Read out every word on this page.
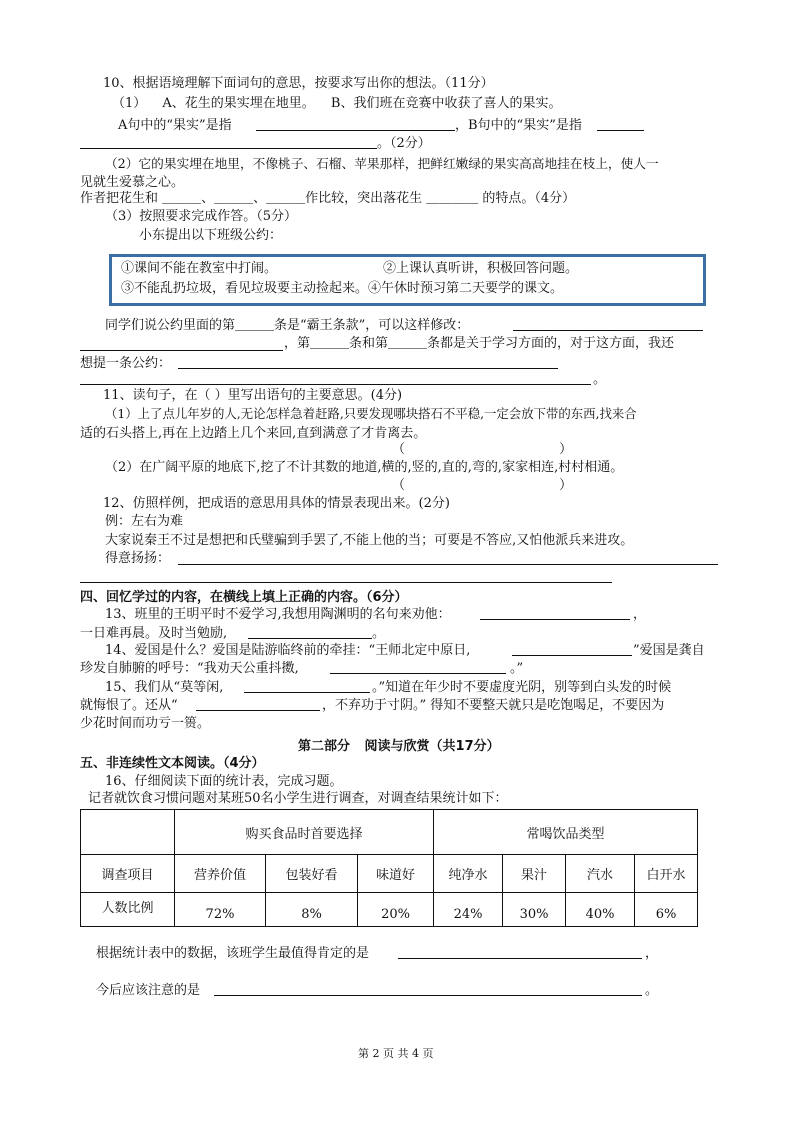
10、根据语境理解下面词句的意思，按要求写出你的想法。（11分）
（1） A、花生的果实埋在地里。 B、我们班在竞赛中收获了喜人的果实。
A句中的“果实”是指	，B句中的“果实”是指
。（2分）
（2）它的果实埋在地里，不像桃子、石榴、苹果那样，把鲜红嫩绿的果实高高地挂在枝上，使人一
见就生爱慕之心。
作者把花生和 ＿＿＿、＿＿＿、＿＿＿作比较，突出落花生 ＿＿＿＿ 的特点。（4分）
（3）按照要求完成作答。（5分）
小东提出以下班级公约：
①课间不能在教室中打闹。	②上课认真听讲，积极回答问题。
③不能乱扔垃圾，看见垃圾要主动捡起来。④午休时预习第二天要学的课文。
同学们说公约里面的第＿＿＿条是“霸王条款”，可以这样修改：
，第＿＿＿条和第＿＿＿条都是关于学习方面的，对于这方面，我还
想提一条公约：
。
11、读句子，在（ ）里写出语句的主要意思。(4分)
（1）上了点儿年岁的人,无论怎样急着赶路,只要发现哪块搭石不平稳,一定会放下带的东西,找来合
适的石头搭上,再在上边踏上几个来回,直到满意了才肯离去。
（ ）
（2）在广阔平原的地底下,挖了不计其数的地道,横的,竖的,直的,弯的,家家相连,村村相通。
（ ）
12、仿照样例，把成语的意思用具体的情景表现出来。(2分)
例：左右为难
大家说秦王不过是想把和氏璧骗到手罢了,不能上他的当；可要是不答应,又怕他派兵来进攻。
得意扬扬：
四、回忆学过的内容，在横线上填上正确的内容。（6分）
13、班里的王明平时不爱学习,我想用陶渊明的名句来劝他：	，
一日难再晨。及时当勉励,	。
14、爱国是什么？爱国是陆游临终前的牵挂：“王师北定中原日,	”爱国是龚自
珍发自肺腑的呼号：“我劝天公重抖擞,	。”
15、我们从“莫等闲,	。”知道在年少时不要虚度光阴，别等到白头发的时候
就悔恨了。还从“	，不弃功于寸阴。” 得知不要整天就只是吃饱喝足，不要因为
少花时间而功亏一篑。
第二部分 阅读与欣赏（共17分）
五、非连续性文本阅读。（4分）
16、仔细阅读下面的统计表，完成习题。
记者就饮食习惯问题对某班50名小学生进行调查，对调查结果统计如下：
	购买食品时首要选择			常喝饮品类型			
调查项目	营养价值	包装好看	味道好	纯净水	果汁	汽水	白开水
人数比例	72%	8%	20%	24%	30%	40%	6%
根据统计表中的数据，该班学生最值得肯定的是	，
今后应该注意的是	。
第 2 页 共 4 页
